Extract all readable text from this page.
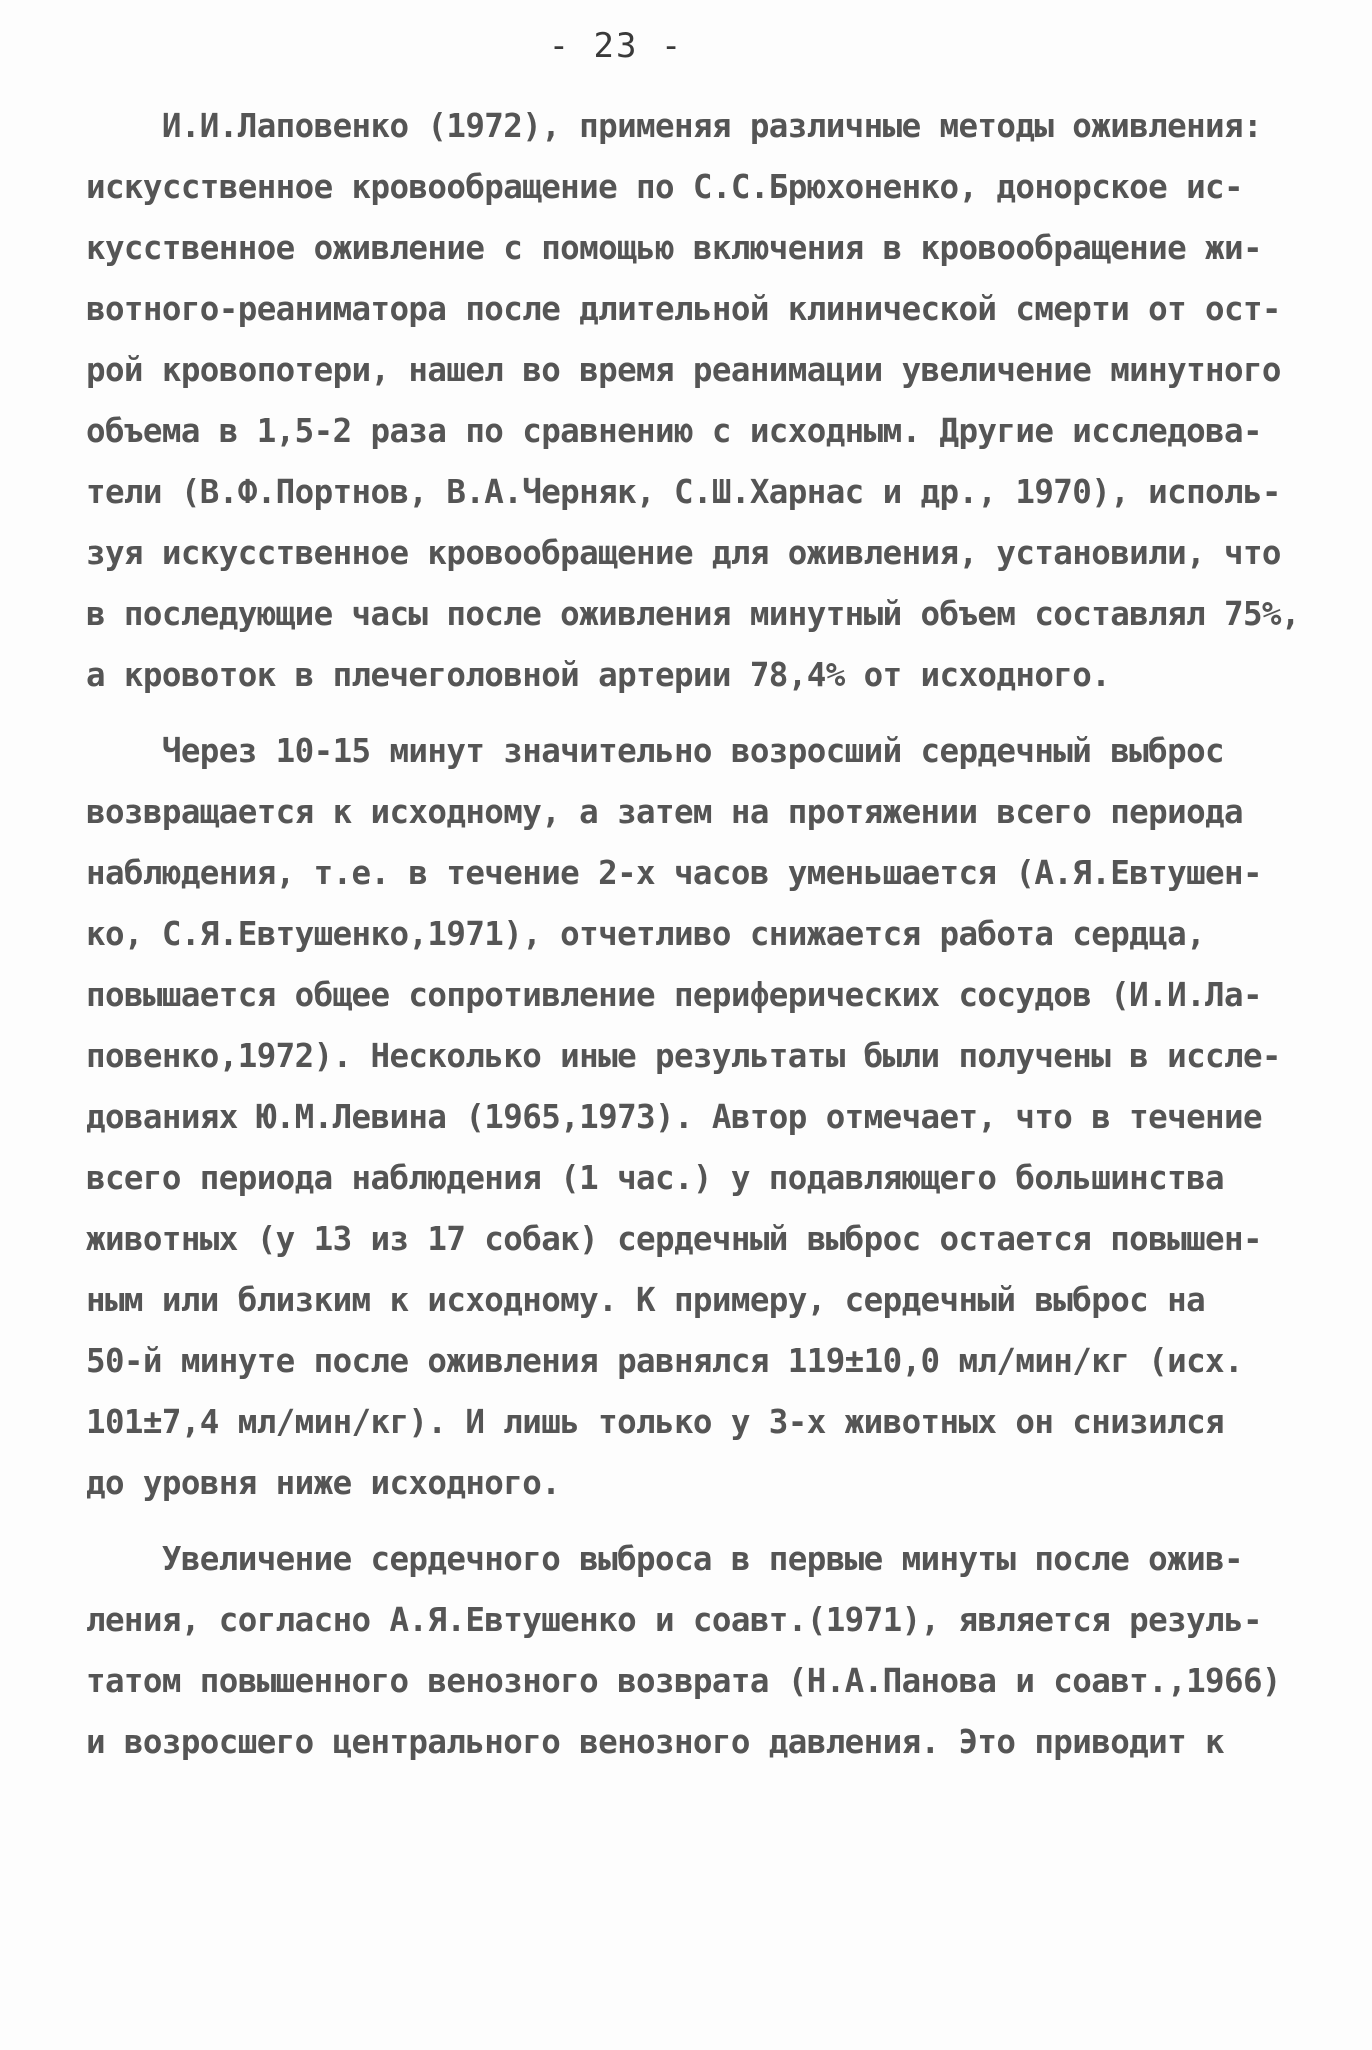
- 23 -
И.И.Лаповенко (1972), применяя различные методы оживления:
искусственное кровообращение по С.С.Брюхоненко, донорское ис-
кусственное оживление с помощью включения в кровообращение жи-
вотного-реаниматора после длительной клинической смерти от ост-
рой кровопотери, нашел во время реанимации увеличение минутного
объема в 1,5-2 раза по сравнению с исходным. Другие исследова-
тели (В.Ф.Портнов, В.А.Черняк, С.Ш.Харнас и др., 1970), исполь-
зуя искусственное кровообращение для оживления, установили, что
в последующие часы после оживления минутный объем составлял 75%,
а кровоток в плечеголовной артерии 78,4% от исходного.
Через 10-15 минут значительно возросший сердечный выброс
возвращается к исходному, а затем на протяжении всего периода
наблюдения, т.е. в течение 2-х часов уменьшается (А.Я.Евтушен-
ко, С.Я.Евтушенко,1971), отчетливо снижается работа сердца,
повышается общее сопротивление периферических сосудов (И.И.Ла-
повенко,1972). Несколько иные результаты были получены в иссле-
дованиях Ю.М.Левина (1965,1973). Автор отмечает, что в течение
всего периода наблюдения (1 час.) у подавляющего большинства
животных (у 13 из 17 собак) сердечный выброс остается повышен-
ным или близким к исходному. К примеру, сердечный выброс на
50-й минуте после оживления равнялся 119±10,0 мл/мин/кг (исх.
101±7,4 мл/мин/кг). И лишь только у 3-х животных он снизился
до уровня ниже исходного.
Увеличение сердечного выброса в первые минуты после ожив-
ления, согласно А.Я.Евтушенко и соавт.(1971), является резуль-
татом повышенного венозного возврата (Н.А.Панова и соавт.,1966)
и возросшего центрального венозного давления. Это приводит к
